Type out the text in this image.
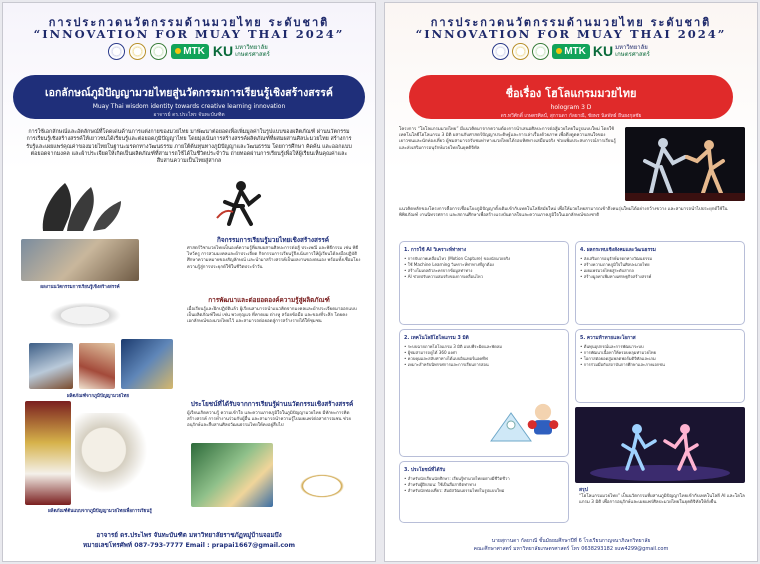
การประกวดนวัตกรรมด้านมวยไทย ระดับชาติ
“INNOVATION FOR MUAY THAI 2024”
MTK KU มหาวิทยาลัย
เกษตรศาสตร์
เอกลักษณ์ภูมิปัญญามวยไทยสู่นวัตกรรมการเรียนรู้เชิงสร้างสรรค์
Muay Thai wisdom identity towards creative learning innovation
อาจารย์ ดร.ประไพร จันทะบันฑิต
การใช้เอกลักษณ์และอัตลักษณ์ที่โดดเด่นด้านการแต่งกายของมวยไทย มาพัฒนาต่อยอดเพื่อเพิ่มมูลค่าในรูปแบบของผลิตภัณฑ์ ผ่านนวัตกรรมการเรียนรู้เชิงสร้างสรรค์ให้เยาวชนได้เรียนรู้และต่อยอดภูมิปัญญาไทย โดยมุ่งเน้นการสร้างสรรค์ผลิตภัณฑ์ที่ผสมผสานศิลปะมวยไทย สร้างการรับรู้และเผยแพร่คุณค่าของมวยไทยในฐานะมรดกทางวัฒนธรรม ภายใต้ต้นทุนทางภูมิปัญญาและวัฒนธรรม โดยการศึกษา คิดค้น และออกแบบต่อยอดจากมงคล และผ้าประเจียดให้เกิดเป็นผลิตภัณฑ์ที่สามารถใช้ได้ในชีวิตประจำวัน ถ่ายทอดผ่านการเรียนรู้เพื่อให้ผู้เรียนเห็นคุณค่าและสืบสานความเป็นไทยสู่สากล
ผลงานนวัตกรรมการเรียนรู้เชิงสร้างสรรค์
กิจกรรมการเรียนรู้มวยไทยเชิงสร้างสรรค์
ศาสตร์วิชามวยไทยเป็นองค์ความรู้ที่ผสมผสานศิลปะการต่อสู้ ประเพณี และพิธีกรรม เช่น พิธีไหว้ครู การสวมมงคลและผ้าประเจียด กิจกรรมการเรียนรู้จึงเน้นการให้ผู้เรียนได้ลงมือปฏิบัติ ศึกษาความหมายของสัญลักษณ์ และนำมาสร้างสรรค์เป็นผลงานของตนเอง พร้อมทั้งเชื่อมโยงความรู้สู่การประยุกต์ใช้ในชีวิตประจำวัน
การพัฒนาและต่อยอดองค์ความรู้สู่ผลิตภัณฑ์
ผลิตภัณฑ์จากภูมิปัญญามวยไทย
เมื่อเรียนรู้และฝึกปฏิบัติแล้ว ผู้เรียนสามารถนำแนวคิดจากมงคลและผ้าประเจียดมาออกแบบเป็นผลิตภัณฑ์ใหม่ เช่น พวงกุญแจ ที่คาดผม ต่างหู สร้อยข้อมือ และของที่ระลึก โดยคงเอกลักษณ์ของมวยไทยไว้ และสามารถต่อยอดสู่การสร้างรายได้ให้ชุมชน
ผลิตภัณฑ์ต้นแบบจากภูมิปัญญามวยไทยเพื่อการเรียนรู้
ประโยชน์ที่ได้รับจากการเรียนรู้ผ่านนวัตกรรมเชิงสร้างสรรค์
ผู้เรียนเกิดความรู้ ความเข้าใจ และความภาคภูมิใจในภูมิปัญญามวยไทย มีทักษะการคิดสร้างสรรค์ การทำงานร่วมกับผู้อื่น และสามารถนำความรู้ไปเผยแพร่ต่อสาธารณชน ช่วยอนุรักษ์และสืบสานศิลปวัฒนธรรมไทยให้คงอยู่สืบไป
อาจารย์ ดร.ประไพร จันทะบันฑิต มหาวิทยาลัยราชภัฏหมู่บ้านจอมบึง
หมายเลขโทรศัพท์ 087-793-7777 Email : prapai1667@gmail.com
การประกวดนวัตกรรมด้านมวยไทย ระดับชาติ
“INNOVATION FOR MUAY THAI 2024”
MTK KU มหาวิทยาลัย
เกษตรศาสตร์
ชื่อเรื่อง โฮโลแกรมมวยไทย
hologram 3 D
ดร.ทวีศักดิ์ เกษตรศิลป์, สุกานดา กัลยาณี, ชัยพร นิลพัทธ์ ยืนยงกุลชัย
โครงการ “โฮโลแกรมมวยไทย” มีแนวคิดมาจากความต้องการนำเสนอศิลปะการต่อสู้มวยไทยในรูปแบบใหม่ โดยใช้เทคโนโลยีโฮโลแกรม 3 มิติ ผสานกับศาสตร์ปัญญาประดิษฐ์และการเล่าเรื่องด้วยภาพ เพื่อดึงดูดความสนใจของเยาวชนและนักท่องเที่ยว ผู้ชมสามารถรับชมท่าทางมวยไทยได้รอบทิศทางเสมือนจริง ช่วยเพิ่มประสบการณ์การเรียนรู้และส่งเสริมการอนุรักษ์มวยไทยในยุคดิจิทัล
แนวคิดหลักของโครงการคือการเชื่อมโยงภูมิปัญญาดั้งเดิมเข้ากับเทคโนโลยีสมัยใหม่ เพื่อให้มวยไทยสามารถเข้าถึงคนรุ่นใหม่ได้อย่างกว้างขวาง และสามารถนำไปประยุกต์ใช้ในพิพิธภัณฑ์ งานนิทรรศการ และสถานศึกษาเพื่อสร้างแรงบันดาลใจและความภาคภูมิใจในเอกลักษณ์ของชาติ
1. การใช้ AI วิเคราะห์ท่าทาง
• การจับภาพเคลื่อนไหว (Motion Capture) ของนักมวยจริง
• ใช้ Machine Learning วิเคราะห์ท่าทางที่ถูกต้อง
• สร้างโมเดลตัวละครจากข้อมูลท่าทาง
• AI ช่วยปรับความสมจริงของการเคลื่อนไหว
2. เทคโนโลยีโฮโลแกรม 3 มิติ
• ระบบฉายภาพโฮโลแกรม 3 มิติ แบบพีระมิดและพัดลม
• ผู้ชมสามารถดูได้ 360 องศา
• ควบคุมและสลับท่าทางได้แบบอินเทอร์แอคทีฟ
• เหมาะสำหรับนิทรรศการและการเรียนการสอน
3. ประโยชน์ที่ได้รับ
• สำหรับนักเรียนนักศึกษา: เรียนรู้ท่ามวยไทยอย่างมีชีวิตชีวา
• สำหรับผู้ฝึกสอน: ใช้เป็นสื่อสาธิตท่าทาง
• สำหรับนักท่องเที่ยว: สัมผัสวัฒนธรรมไทยในรูปแบบใหม่
4. ผลกระทบเชิงสังคมและวัฒนธรรม
• ส่งเสริมการอนุรักษ์มรดกทางวัฒนธรรม
• สร้างความภาคภูมิใจในศิลปะมวยไทย
• เผยแพร่มวยไทยสู่ระดับสากล
• สร้างมูลค่าเพิ่มทางเศรษฐกิจสร้างสรรค์
5. ความท้าทายและโอกาส
• ต้นทุนอุปกรณ์และการพัฒนาระบบ
• การพัฒนาเนื้อหาให้ครอบคลุมท่ามวยไทย
• โอกาสต่อยอดสู่แพลตฟอร์มดิจิทัลและเกม
• การร่วมมือกับสถาบันการศึกษาและภาคเอกชน
สรุป
“โฮโลแกรมมวยไทย” เป็นนวัตกรรมที่ผสานภูมิปัญญาไทยเข้ากับเทคโนโลยี AI และโฮโลแกรม 3 มิติ เพื่อการอนุรักษ์และเผยแพร่ศิลปะมวยไทยในยุคดิจิทัลให้ยั่งยืน
นายสุกานดา กัลยาณี ชั้นมัธยมศึกษาปีที่ 6 โรงเรียนกาญจนาภิเษกวิทยาลัย
คณะศึกษาศาสตร์ มหาวิทยาลัยเกษตรศาสตร์ โทร 0638293182 suw4299@gmail.com
